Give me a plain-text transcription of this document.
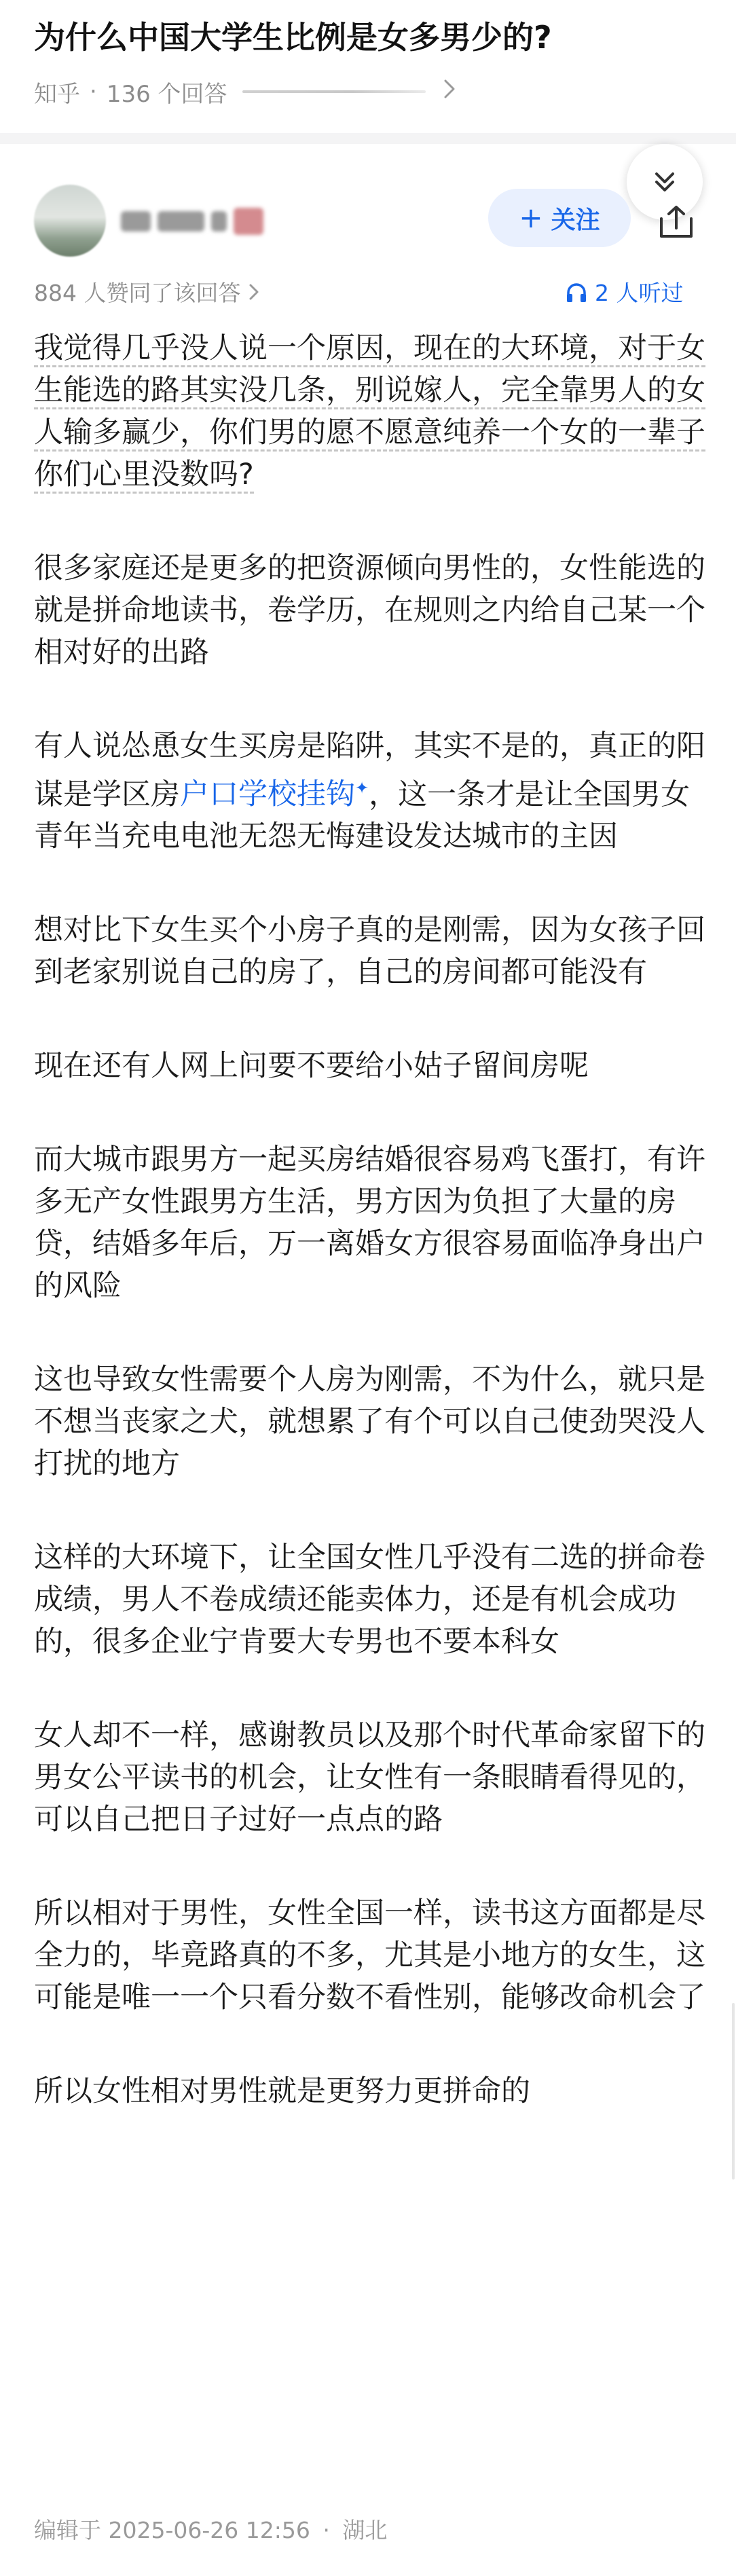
为什么中国大学生比例是女多男少的?
知乎 · 136 个回答
+ 关注
884 人赞同了该回答	2 人听过

我觉得几乎没人说一个原因，现在的大环境，对于女生能选的路其实没几条，别说嫁人，完全靠男人的女人输多赢少，你们男的愿不愿意纯养一个女的一辈子你们心里没数吗?

很多家庭还是更多的把资源倾向男性的，女性能选的就是拼命地读书，卷学历，在规则之内给自己某一个相对好的出路

有人说怂恿女生买房是陷阱，其实不是的，真正的阳谋是学区房户口学校挂钩✦，这一条才是让全国男女青年当充电电池无怨无悔建设发达城市的主因

想对比下女生买个小房子真的是刚需，因为女孩子回到老家别说自己的房了，自己的房间都可能没有

现在还有人网上问要不要给小姑子留间房呢

而大城市跟男方一起买房结婚很容易鸡飞蛋打，有许多无产女性跟男方生活，男方因为负担了大量的房贷，结婚多年后，万一离婚女方很容易面临净身出户的风险

这也导致女性需要个人房为刚需，不为什么，就只是不想当丧家之犬，就想累了有个可以自己使劲哭没人打扰的地方

这样的大环境下，让全国女性几乎没有二选的拼命卷成绩，男人不卷成绩还能卖体力，还是有机会成功的，很多企业宁肯要大专男也不要本科女

女人却不一样，感谢教员以及那个时代革命家留下的男女公平读书的机会，让女性有一条眼睛看得见的，可以自己把日子过好一点点的路

所以相对于男性，女性全国一样，读书这方面都是尽全力的，毕竟路真的不多，尤其是小地方的女生，这可能是唯一一个只看分数不看性别，能够改命机会了

所以女性相对男性就是更努力更拼命的

编辑于 2025-06-26 12:56 · 湖北
